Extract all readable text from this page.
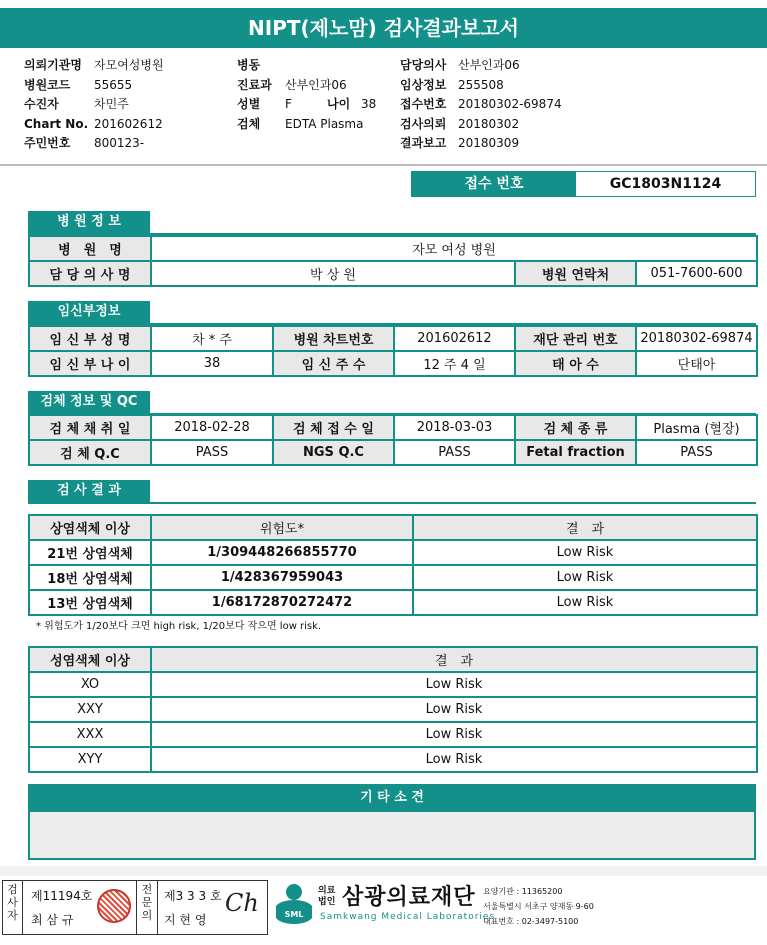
NIPT(제노맘) 검사결과보고서
의뢰기관명 자모여성병원
병원코드 55655
수진자	차민주
Chart No. 201602612
주민번호 800123-
병동
진료과 산부인과06
성별 F	나이 38
검체 EDTA Plasma
담당의사 산부인과06
임상정보 255508
접수번호 20180302-69874
검사의뢰 20180302
결과보고 20180309
접수 번호	GC1803N1124
병 원 정 보
병　원　명	자모 여성 병원		
담 당 의 사 명	박 상 원	병원 연락처	051-7600-600
임신부정보
임 신 부 성 명	차 * 주	병원 차트번호	201602612	재단 관리 번호	20180302-69874
임 신 부 나 이	38	임 신 주 수	12 주 4 일	태 아 수	단태아
검체 정보 및 QC
검 체 채 취 일	2018-02-28	검 체 접 수 일	2018-03-03	검 체 종 류	Plasma (혈장)
검 체 Q.C	PASS	NGS Q.C	PASS	Fetal fraction	PASS
검 사 결 과
상염색체 이상	위험도*	결　과
21번 상염색체	1/309448266855770	Low Risk
18번 상염색체	1/428367959043	Low Risk
13번 상염색체	1/68172870272472	Low Risk
* 위험도가 1/20보다 크면 high risk, 1/20보다 작으면 low risk.
성염색체 이상	결　과
XO	Low Risk
XXY	Low Risk
XXX	Low Risk
XYY	Low Risk
기 타 소 견
검사자
제11194호
최 삼 규
전문의
제3 3 3 호
지 현 영
Ch	SML
의료 법인 삼광의료재단
Samkwang Medical Laboratories
요양기관 : 11365200
서울특별시 서초구 양재동 9-60
대표번호 : 02-3497-5100
